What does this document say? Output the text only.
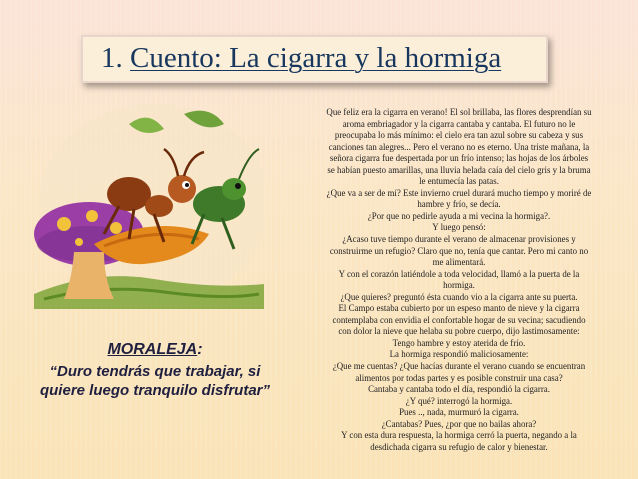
1. Cuento: La cigarra y la hormiga
MORALEJA:
“Duro tendrás que trabajar, si
quiere luego tranquilo disfrutar”

Que feliz era la cigarra en verano! El sol brillaba, las flores desprendían su

aroma embriagador y la cigarra cantaba y cantaba. El futuro no le

preocupaba lo más mínimo: el cielo era tan azul sobre su cabeza y sus

canciones tan alegres... Pero el verano no es eterno. Una triste mañana, la

señora cigarra fue despertada por un frío intenso; las hojas de los árboles

se habían puesto amarillas, una lluvia helada caía del cielo gris y la bruma

le entumecía las patas.

¿Que va a ser de mí? Este invierno cruel durará mucho tiempo y moriré de

hambre y frío, se decía.

¿Por que no pedirle ayuda a mi vecina la hormiga?.

Y luego pensó:

¿Acaso tuve tiempo durante el verano de almacenar provisiones y

construirme un refugio? Claro que no, tenía que cantar. Pero mi canto no

me alimentará.

Y con el corazón latiéndole a toda velocidad, llamó a la puerta de la

hormiga.

¿Que quieres? preguntó ésta cuando vio a la cigarra ante su puerta.

El Campo estaba cubierto por un espeso manto de nieve y la cigarra

contemplaba con envidia el confortable hogar de su vecina; sacudiendo

con dolor la nieve que helaba su pobre cuerpo, dijo lastimosamente:

Tengo hambre y estoy aterida de frío.

La hormiga respondió maliciosamente:

¿Que me cuentas? ¿Que hacías durante el verano cuando se encuentran

alimentos por todas partes y es posible construir una casa?

Cantaba y cantaba todo el día, respondió la cigarra.

¿Y qué? interrogó la hormiga.

Pues .., nada, murmuró la cigarra.

¿Cantabas? Pues, ¿por que no bailas ahora?

Y con esta dura respuesta, la hormiga cerró la puerta, negando a la

desdichada cigarra su refugio de calor y bienestar.
